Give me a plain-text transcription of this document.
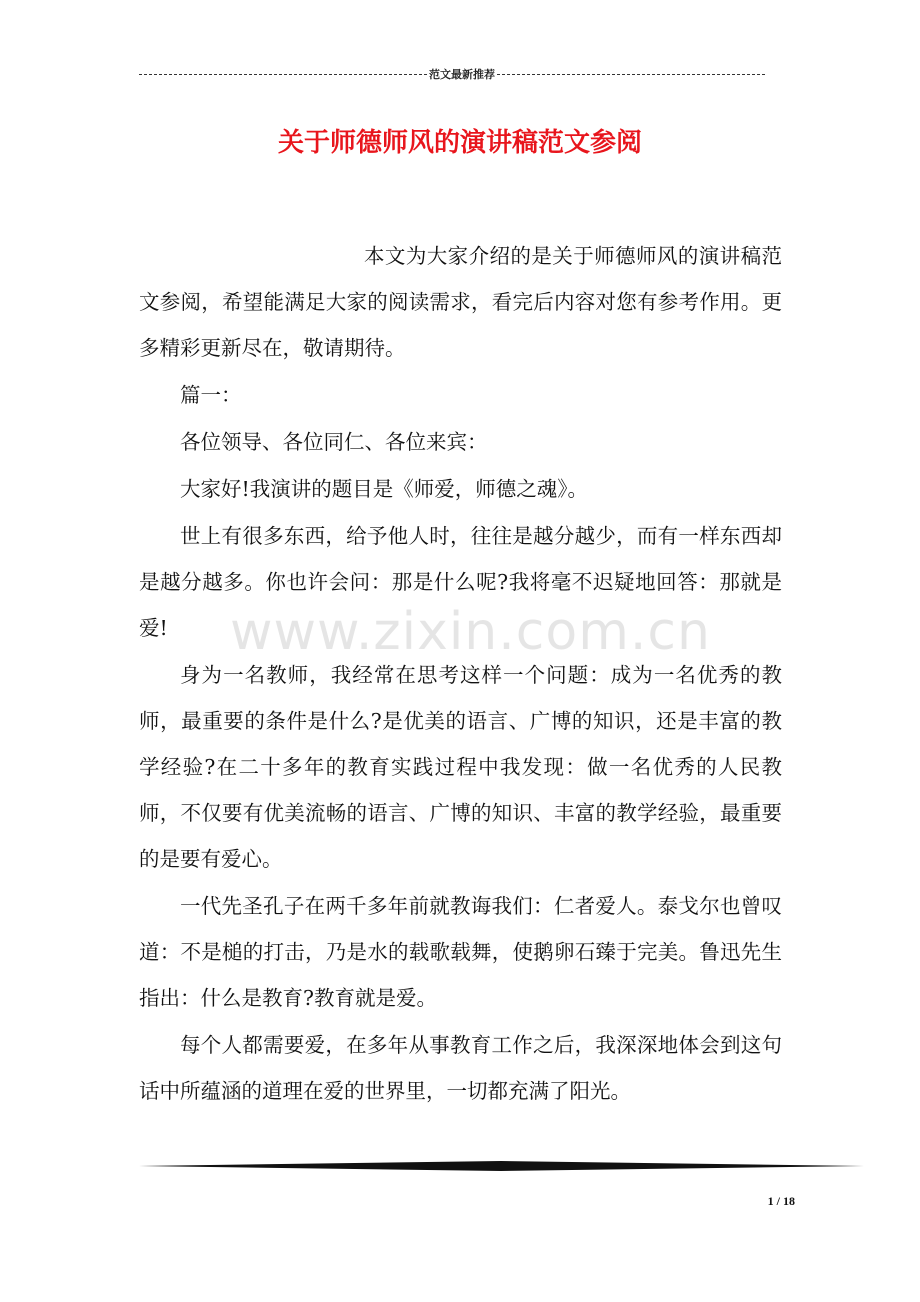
范文最新推荐
关于师德师风的演讲稿范文参阅
www.zixin.com.cn

本文为大家介绍的是关于师德师风的演讲稿范文参阅，希望能满足大家的阅读需求，看完后内容对您有参考作用。更多精彩更新尽在，敬请期待。

篇一：

各位领导、各位同仁、各位来宾：

大家好!我演讲的题目是《师爱，师德之魂》。

世上有很多东西，给予他人时，往往是越分越少，而有一样东西却是越分越多。你也许会问：那是什么呢?我将毫不迟疑地回答：那就是爱!

身为一名教师，我经常在思考这样一个问题：成为一名优秀的教师，最重要的条件是什么?是优美的语言、广博的知识，还是丰富的教学经验?在二十多年的教育实践过程中我发现：做一名优秀的人民教师，不仅要有优美流畅的语言、广博的知识、丰富的教学经验，最重要的是要有爱心。

一代先圣孔子在两千多年前就教诲我们：仁者爱人。泰戈尔也曾叹道：不是槌的打击，乃是水的载歌载舞，使鹅卵石臻于完美。鲁迅先生指出：什么是教育?教育就是爱。

每个人都需要爱，在多年从事教育工作之后，我深深地体会到这句话中所蕴涵的道理在爱的世界里，一切都充满了阳光。

1 / 18
